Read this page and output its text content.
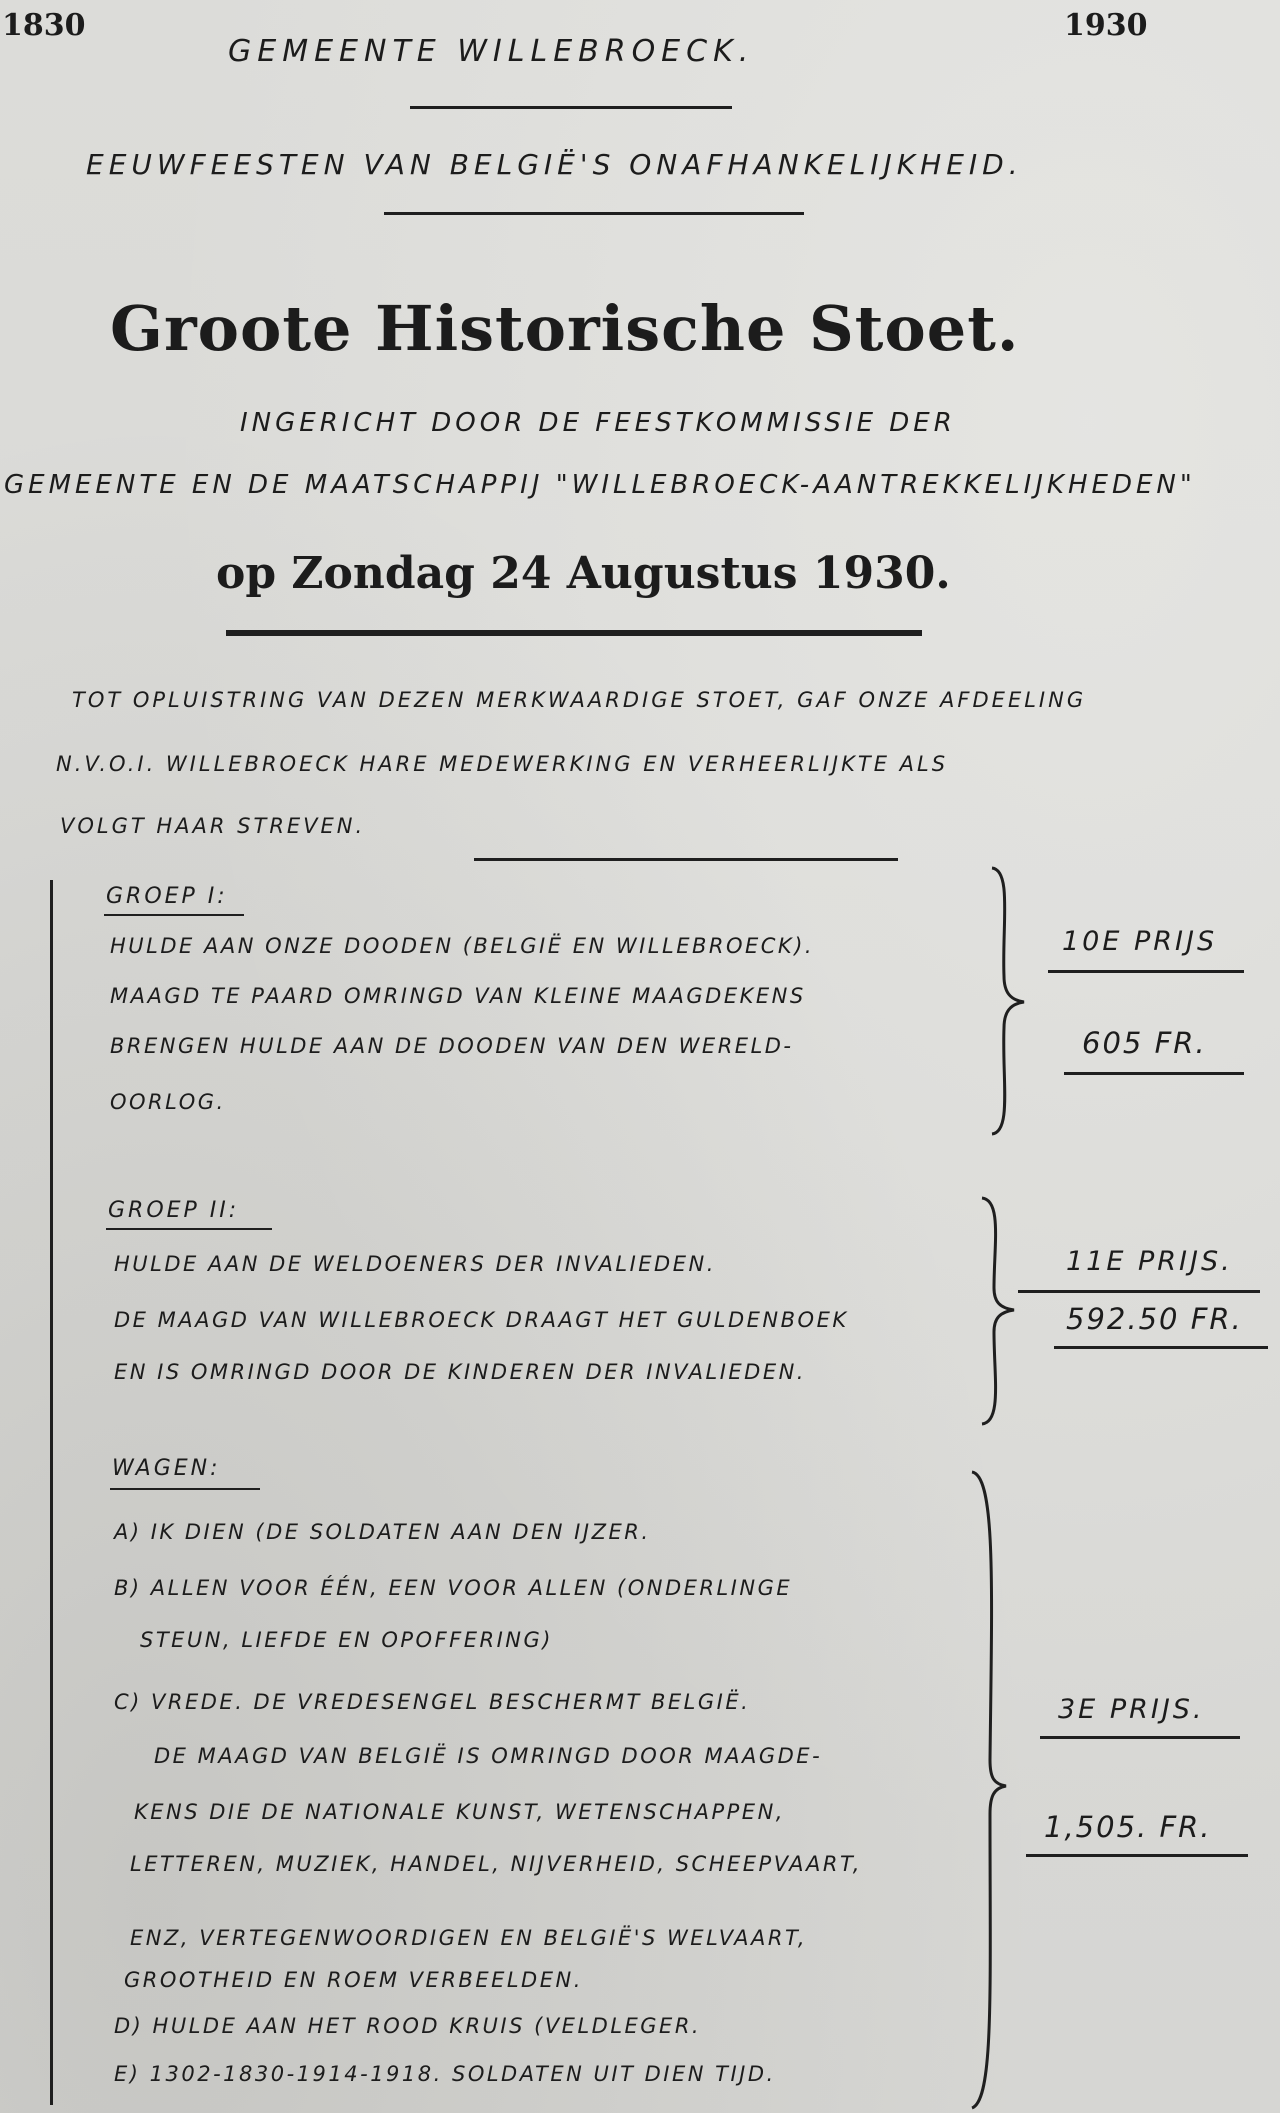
1830	1930
GEMEENTE WILLEBROECK.
EEUWFEESTEN VAN BELGIË'S ONAFHANKELIJKHEID.
Groote Historische Stoet.
INGERICHT DOOR DE FEESTKOMMISSIE DER
GEMEENTE EN DE MAATSCHAPPIJ "WILLEBROECK-AANTREKKELIJKHEDEN"
op Zondag 24 Augustus 1930.
TOT OPLUISTRING VAN DEZEN MERKWAARDIGE STOET, GAF ONZE AFDEELING
N.V.O.I. WILLEBROECK HARE MEDEWERKING EN VERHEERLIJKTE ALS
VOLGT HAAR STREVEN.
GROEP I:
HULDE AAN ONZE DOODEN (BELGIË EN WILLEBROECK).
MAAGD TE PAARD OMRINGD VAN KLEINE MAAGDEKENS
BRENGEN HULDE AAN DE DOODEN VAN DEN WERELD-
OORLOG.
10E PRIJS
605 FR.
GROEP II:
HULDE AAN DE WELDOENERS DER INVALIEDEN.
DE MAAGD VAN WILLEBROECK DRAAGT HET GULDENBOEK
EN IS OMRINGD DOOR DE KINDEREN DER INVALIEDEN.
11E PRIJS.
592.50 FR.
WAGEN:
A) IK DIEN (DE SOLDATEN AAN DEN IJZER.
B) ALLEN VOOR ÉÉN, EEN VOOR ALLEN (ONDERLINGE
STEUN, LIEFDE EN OPOFFERING)
C) VREDE. DE VREDESENGEL BESCHERMT BELGIË.
DE MAAGD VAN BELGIË IS OMRINGD DOOR MAAGDE-
KENS DIE DE NATIONALE KUNST, WETENSCHAPPEN,
LETTEREN, MUZIEK, HANDEL, NIJVERHEID, SCHEEPVAART,
ENZ, VERTEGENWOORDIGEN EN BELGIË'S WELVAART,
GROOTHEID EN ROEM VERBEELDEN.
D) HULDE AAN HET ROOD KRUIS (VELDLEGER.
E) 1302-1830-1914-1918. SOLDATEN UIT DIEN TIJD.
3E PRIJS.
1,505. FR.
